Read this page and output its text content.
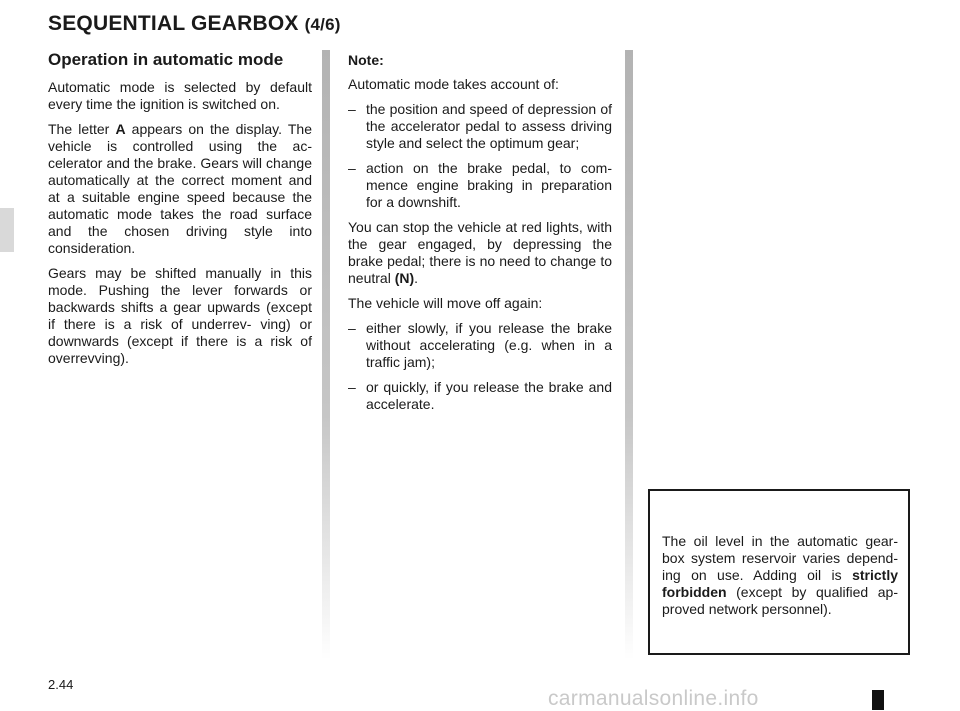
SEQUENTIAL GEARBOX (4/6)
Operation in automatic mode

Automatic mode is selected by default every time the ignition is switched on.

The letter A appears on the display. The vehicle is controlled using the ac- celerator and the brake. Gears will change automatically at the correct moment and at a suitable engine speed because the automatic mode takes the road surface and the chosen driving style into consideration.

Gears may be shifted manually in this mode. Pushing the lever forwards or backwards shifts a gear upwards (except if there is a risk of underrev- ving) or downwards (except if there is a risk of overrevving).

Note:

Automatic mode takes account of:

– the position and speed of depression of the accelerator pedal to assess driving style and select the optimum gear;
– action on the brake pedal, to com- mence engine braking in preparation for a downshift.

You can stop the vehicle at red lights, with the gear engaged, by depressing the brake pedal; there is no need to change to neutral (N).

The vehicle will move off again:

– either slowly, if you release the brake without accelerating (e.g. when in a traffic jam);
– or quickly, if you release the brake and accelerate.

The oil level in the automatic gear- box system reservoir varies depend- ing on use. Adding oil is strictly forbidden (except by qualified ap- proved network personnel).

2.44
carmanualsonline.info
